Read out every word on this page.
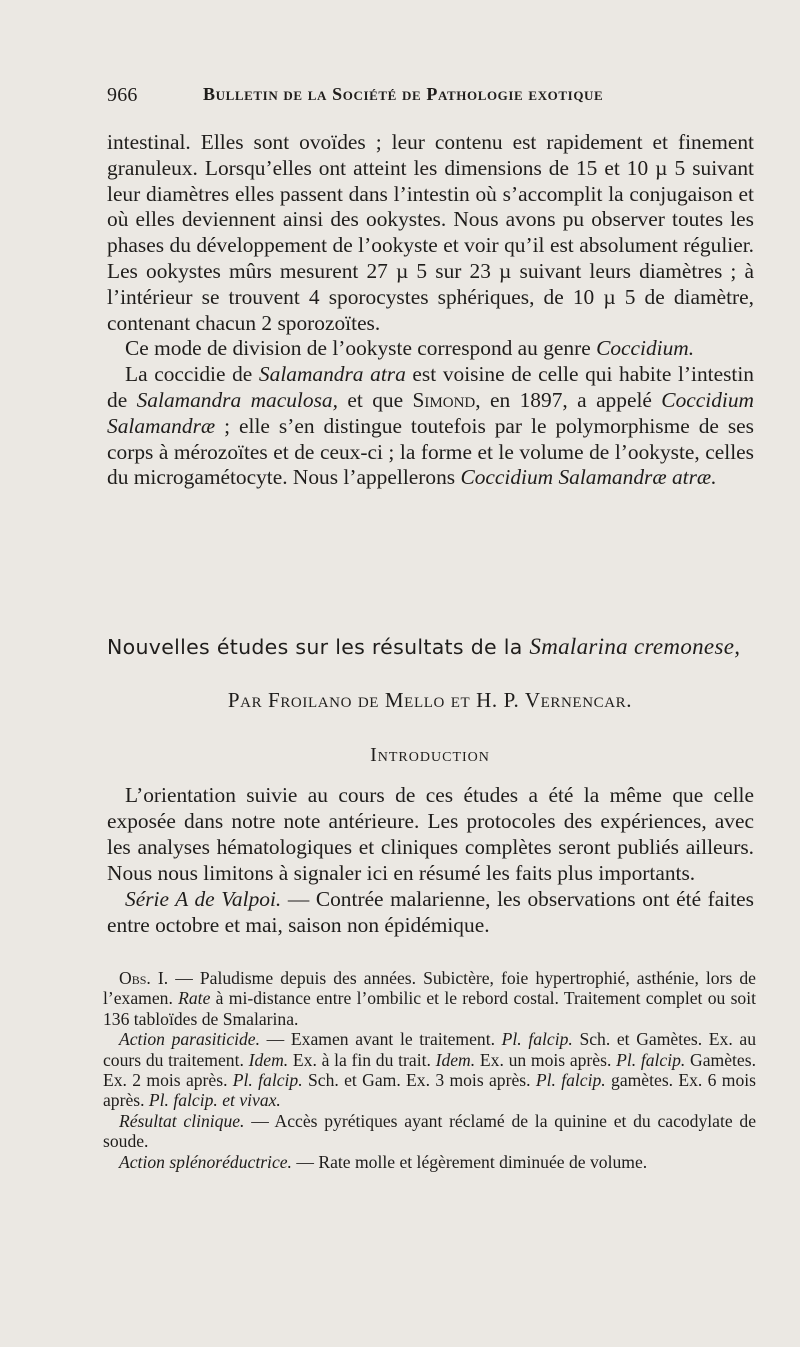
966	Bulletin de la Société de Pathologie exotique

intestinal. Elles sont ovoïdes ; leur contenu est rapidement et finement granuleux. Lorsqu’elles ont atteint les dimensions de 15 et 10 µ 5 suivant leur diamètres elles passent dans l’intestin où s’accomplit la conjugaison et où elles deviennent ainsi des ookystes. Nous avons pu observer toutes les phases du développement de l’ookyste et voir qu’il est absolument régulier. Les ookystes mûrs mesurent 27 µ 5 sur 23 µ suivant leurs diamètres ; à l’intérieur se trouvent 4 sporocystes sphériques, de 10 µ 5 de diamètre, contenant chacun 2 sporozoïtes.

Ce mode de division de l’ookyste correspond au genre Coccidium.

La coccidie de Salamandra atra est voisine de celle qui habite l’intestin de Salamandra maculosa, et que Simond, en 1897, a appelé Coccidium Salamandræ ; elle s’en distingue toutefois par le polymorphisme de ses corps à mérozoïtes et de ceux-ci ; la forme et le volume de l’ookyste, celles du microgamétocyte. Nous l’appellerons Coccidium Salamandræ atræ.

Nouvelles études sur les résultats de la Smalarina cremonese,
Par Froilano de Mello et H. P. Vernencar.
Introduction

L’orientation suivie au cours de ces études a été la même que celle exposée dans notre note antérieure. Les protocoles des expériences, avec les analyses hématologiques et cliniques complètes seront publiés ailleurs. Nous nous limitons à signaler ici en résumé les faits plus importants.

Série A de Valpoi. — Contrée malarienne, les observations ont été faites entre octobre et mai, saison non épidémique.

Obs. I. — Paludisme depuis des années. Subictère, foie hypertrophié, asthénie, lors de l’examen. Rate à mi-distance entre l’ombilic et le rebord costal. Traitement complet ou soit 136 tabloïdes de Smalarina.

Action parasiticide. — Examen avant le traitement. Pl. falcip. Sch. et Gamètes. Ex. au cours du traitement. Idem. Ex. à la fin du trait. Idem. Ex. un mois après. Pl. falcip. Gamètes. Ex. 2 mois après. Pl. falcip. Sch. et Gam. Ex. 3 mois après. Pl. falcip. gamètes. Ex. 6 mois après. Pl. falcip. et vivax.

Résultat clinique. — Accès pyrétiques ayant réclamé de la quinine et du cacodylate de soude.

Action splénoréductrice. — Rate molle et légèrement diminuée de volume.
